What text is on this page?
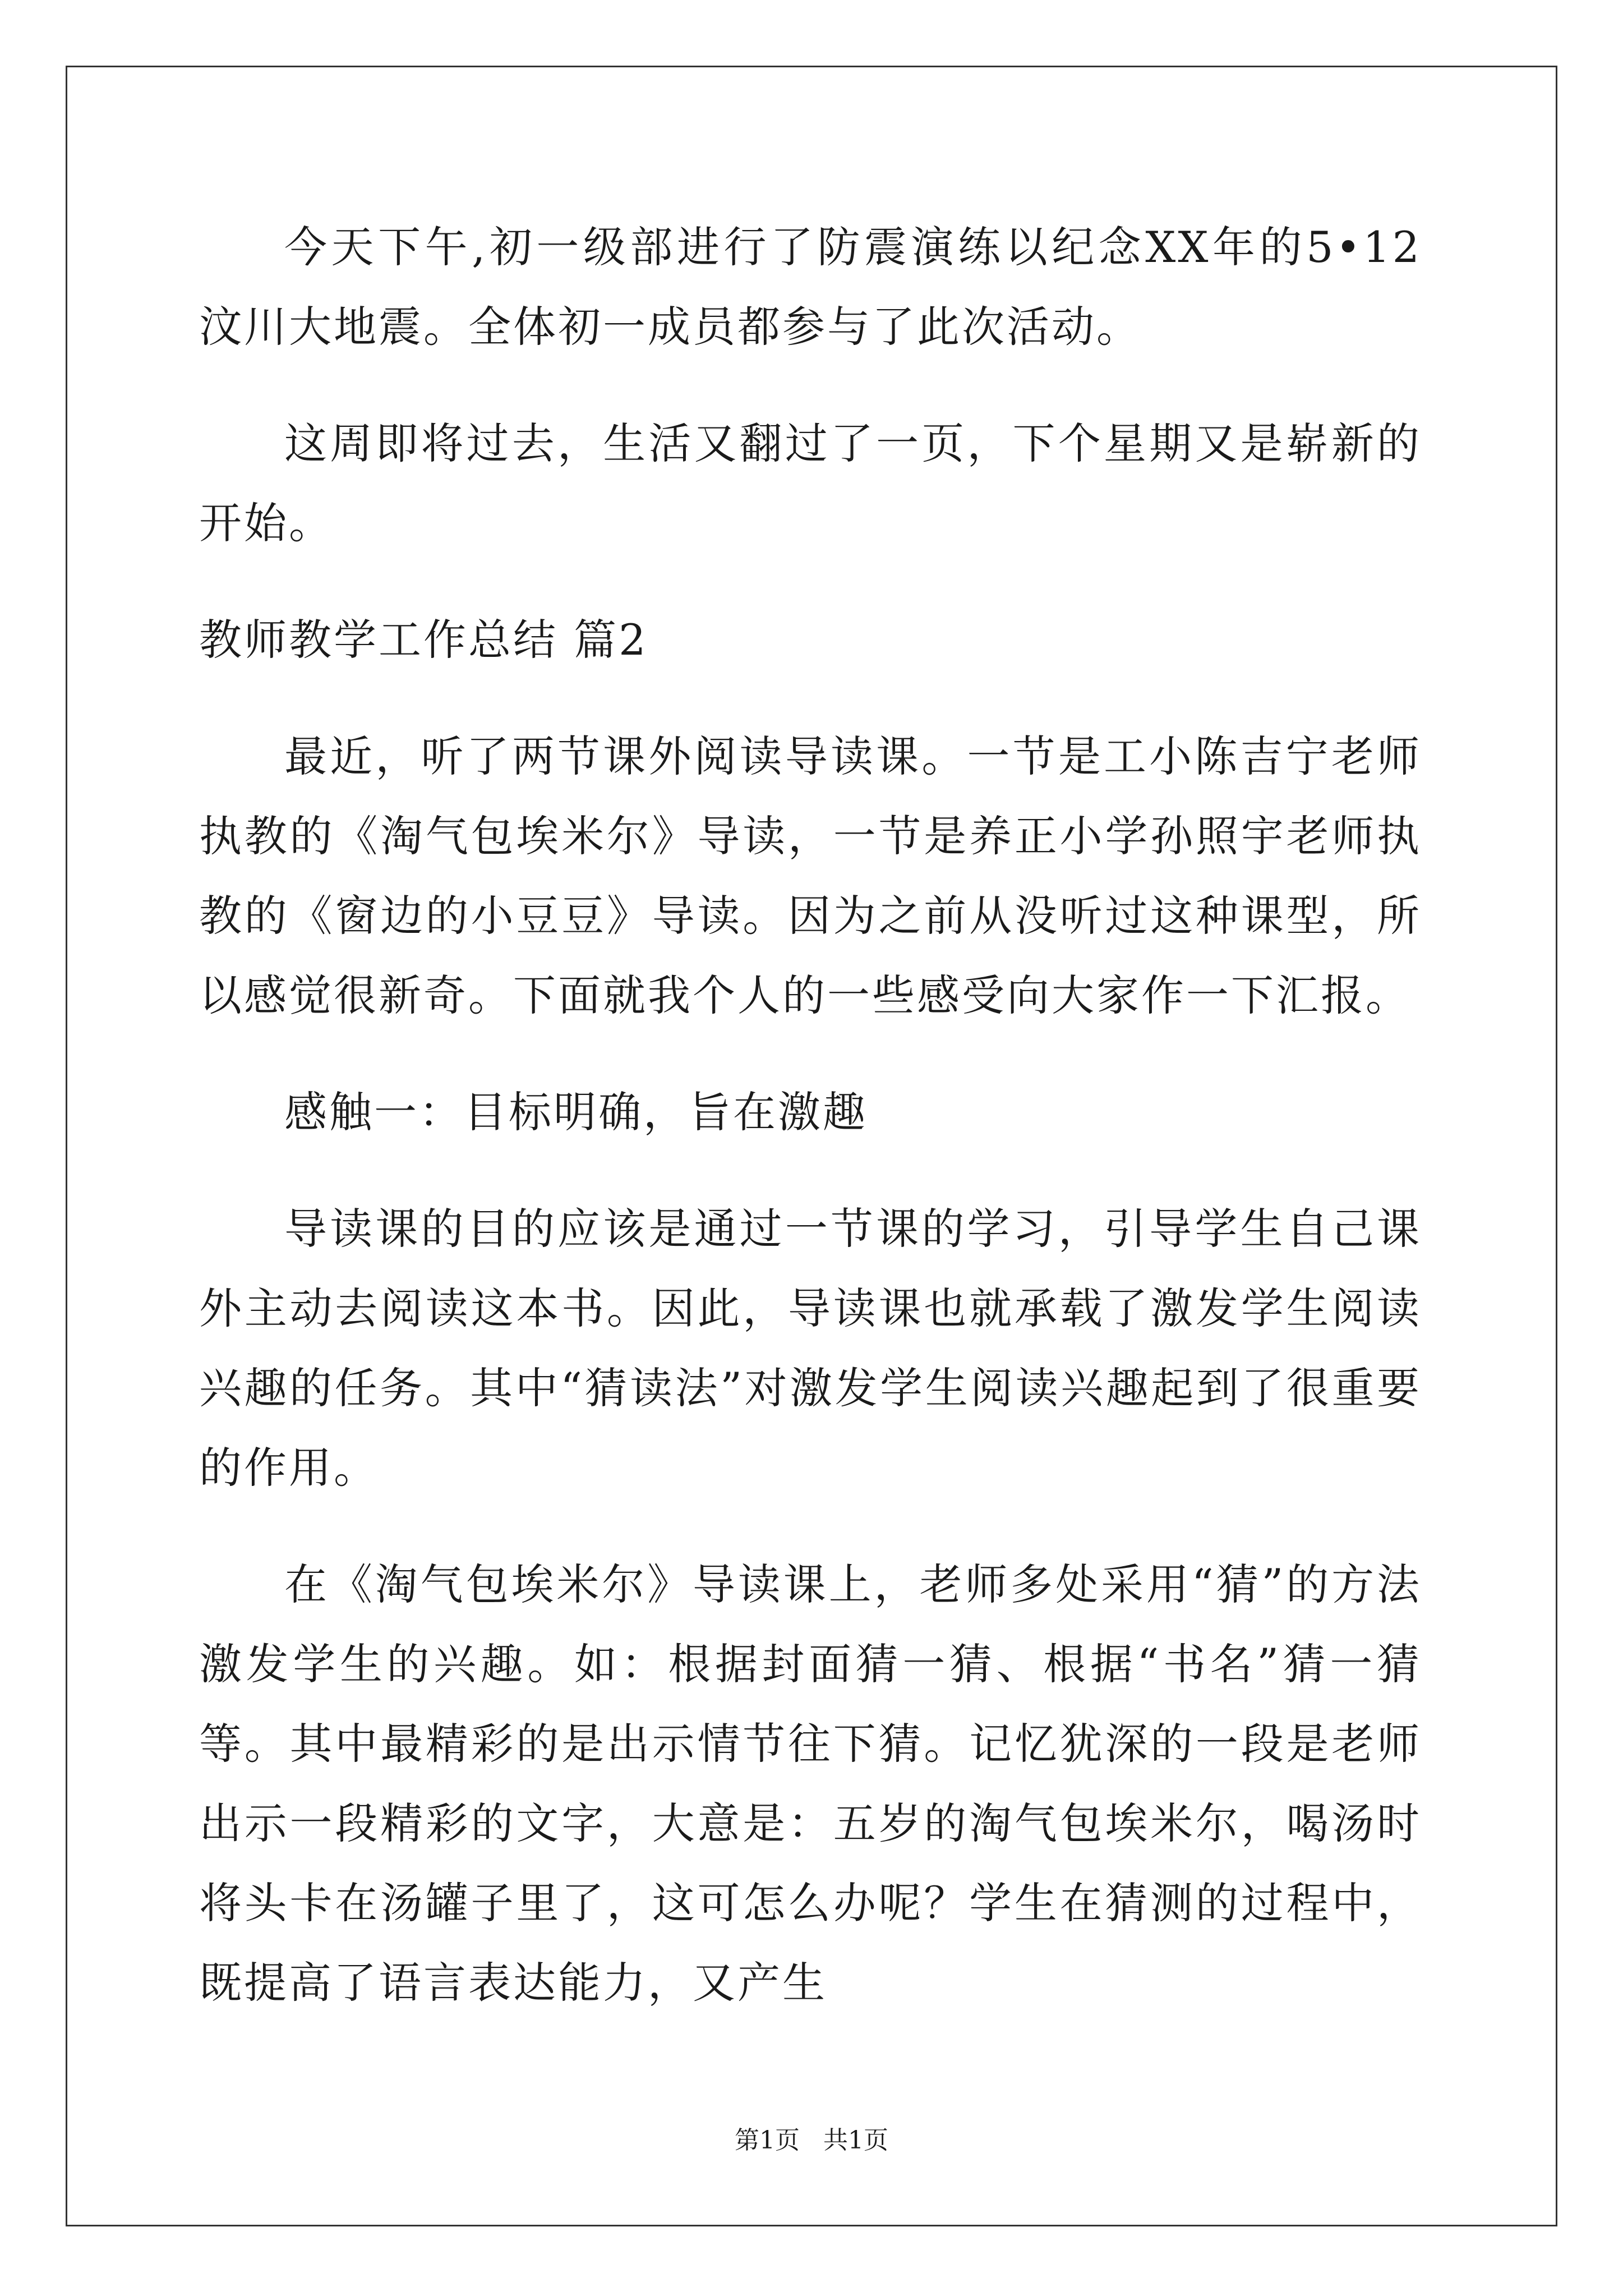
今天下午,初一级部进行了防震演练以纪念XX年的5•12汶川大地震。全体初一成员都参与了此次活动。

这周即将过去，生活又翻过了一页，下个星期又是崭新的开始。

教师教学工作总结 篇2

最近，听了两节课外阅读导读课。一节是工小陈吉宁老师执教的《淘气包埃米尔》导读，一节是养正小学孙照宇老师执教的《窗边的小豆豆》导读。因为之前从没听过这种课型，所以感觉很新奇。下面就我个人的一些感受向大家作一下汇报。

感触一：目标明确，旨在激趣

导读课的目的应该是通过一节课的学习，引导学生自己课外主动去阅读这本书。因此，导读课也就承载了激发学生阅读兴趣的任务。其中“猜读法”对激发学生阅读兴趣起到了很重要的作用。

在《淘气包埃米尔》导读课上，老师多处采用“猜”的方法激发学生的兴趣。如：根据封面猜一猜、根据“书名”猜一猜等。其中最精彩的是出示情节往下猜。记忆犹深的一段是老师出示一段精彩的文字，大意是：五岁的淘气包埃米尔，喝汤时将头卡在汤罐子里了，这可怎么办呢？学生在猜测的过程中，既提高了语言表达能力，又产生

第1页 共1页
